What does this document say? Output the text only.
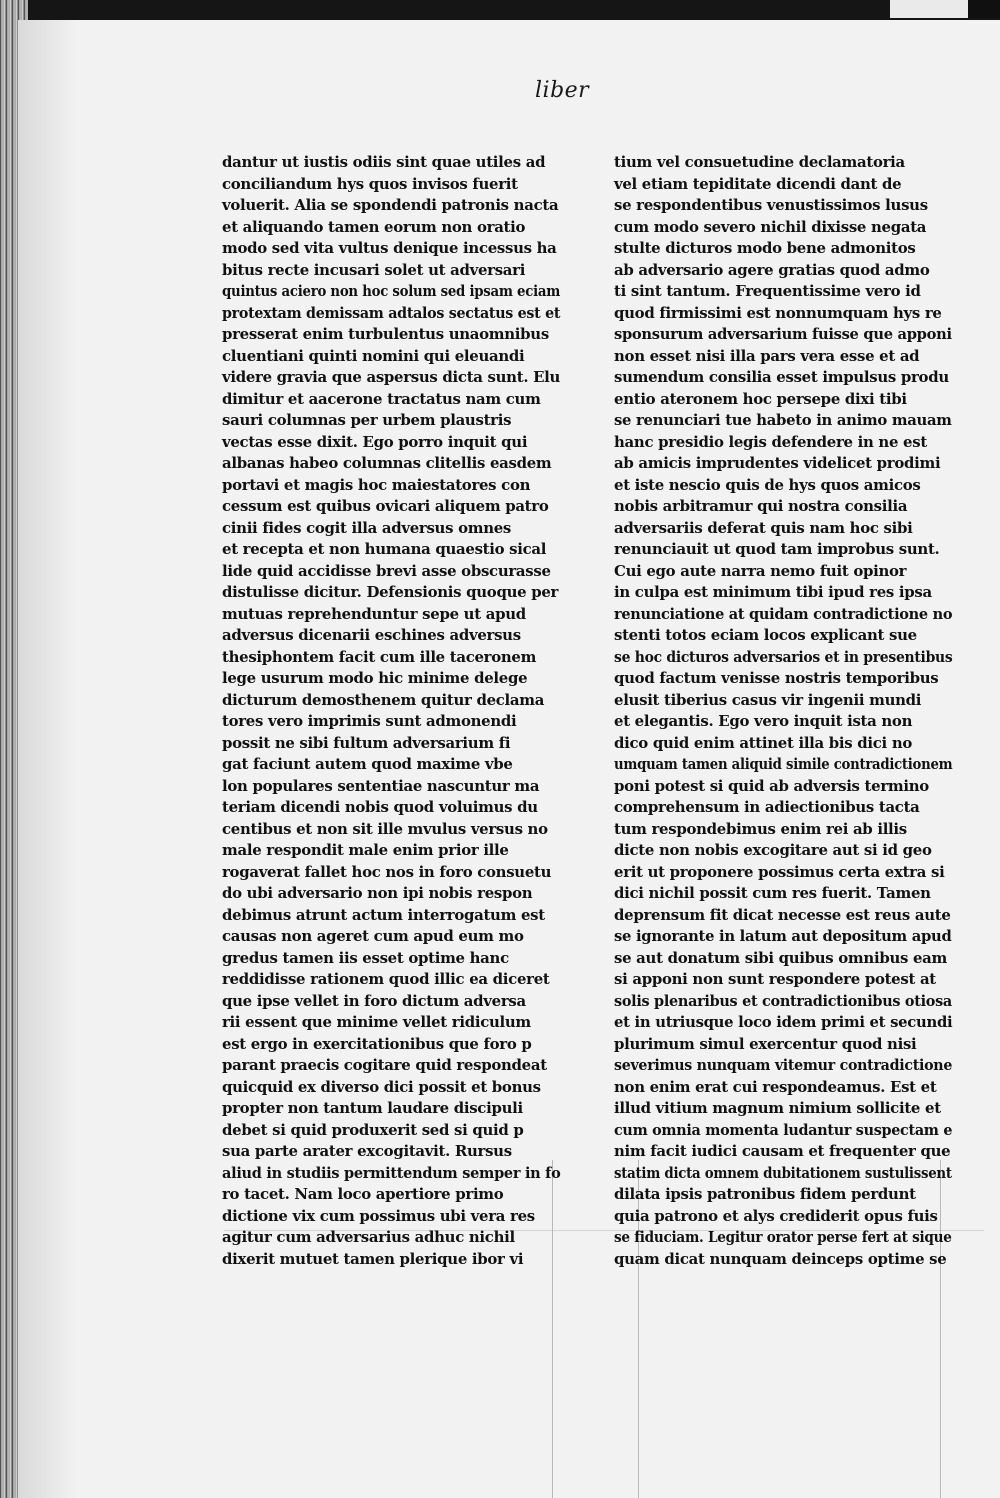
liber
dantur ut iustis odiis sint quae utiles ad
conciliandum hys quos invisos fuerit
voluerit. Alia se spondendi patronis nacta
et aliquando tamen eorum non oratio
modo sed vita vultus denique incessus ha
bitus recte incusari solet ut adversari
quintus aciero non hoc solum sed ipsam eciam
protextam demissam adtalos sectatus est et
presserat enim turbulentus unaomnibus
cluentiani quinti nomini qui eleuandi
videre gravia que aspersus dicta sunt. Elu
dimitur et aacerone tractatus nam cum
sauri columnas per urbem plaustris
vectas esse dixit. Ego porro inquit qui
albanas habeo columnas clitellis easdem
portavi et magis hoc maiestatores con
cessum est quibus ovicari aliquem patro
cinii fides cogit illa adversus omnes
et recepta et non humana quaestio sical
lide quid accidisse brevi asse obscurasse
distulisse dicitur. Defensionis quoque per
mutuas reprehenduntur sepe ut apud
adversus dicenarii eschines adversus
thesiphontem facit cum ille taceronem
lege usurum modo hic minime delege
dicturum demosthenem quitur declama
tores vero imprimis sunt admonendi
possit ne sibi fultum adversarium fi
gat faciunt autem quod maxime vbe
lon populares sententiae nascuntur ma
teriam dicendi nobis quod voluimus du
centibus et non sit ille mvulus versus no
male respondit male enim prior ille
rogaverat fallet hoc nos in foro consuetu
do ubi adversario non ipi nobis respon
debimus atrunt actum interrogatum est
causas non ageret cum apud eum mo
gredus tamen iis esset optime hanc
reddidisse rationem quod illic ea diceret
que ipse vellet in foro dictum adversa
rii essent que minime vellet ridiculum
est ergo in exercitationibus que foro p
parant praecis cogitare quid respondeat
quicquid ex diverso dici possit et bonus
propter non tantum laudare discipuli
debet si quid produxerit sed si quid p
sua parte arater excogitavit. Rursus
aliud in studiis permittendum semper in fo
ro tacet. Nam loco apertiore primo
dictione vix cum possimus ubi vera res
agitur cum adversarius adhuc nichil
dixerit mutuet tamen plerique ibor vi
tium vel consuetudine declamatoria
vel etiam tepiditate dicendi dant de
se respondentibus venustissimos lusus
cum modo severo nichil dixisse negata
stulte dicturos modo bene admonitos
ab adversario agere gratias quod admo
ti sint tantum. Frequentissime vero id
quod firmissimi est nonnumquam hys re
sponsurum adversarium fuisse que apponi
non esset nisi illa pars vera esse et ad
sumendum consilia esset impulsus produ
entio ateronem hoc persepe dixi tibi
se renunciari tue habeto in animo mauam
hanc presidio legis defendere in ne est
ab amicis imprudentes videlicet prodimi
et iste nescio quis de hys quos amicos
nobis arbitramur qui nostra consilia
adversariis deferat quis nam hoc sibi
renunciauit ut quod tam improbus sunt.
Cui ego aute narra nemo fuit opinor
in culpa est minimum tibi ipud res ipsa
renunciatione at quidam contradictione no
stenti totos eciam locos explicant sue
se hoc dicturos adversarios et in presentibus
quod factum venisse nostris temporibus
elusit tiberius casus vir ingenii mundi
et elegantis. Ego vero inquit ista non
dico quid enim attinet illa bis dici no
umquam tamen aliquid simile contradictionem
poni potest si quid ab adversis termino
comprehensum in adiectionibus tacta
tum respondebimus enim rei ab illis
dicte non nobis excogitare aut si id geo
erit ut proponere possimus certa extra si
dici nichil possit cum res fuerit. Tamen
deprensum fit dicat necesse est reus aute
se ignorante in latum aut depositum apud
se aut donatum sibi quibus omnibus eam
si apponi non sunt respondere potest at
solis plenaribus et contradictionibus otiosa
et in utriusque loco idem primi et secundi
plurimum simul exercentur quod nisi
severimus nunquam vitemur contradictione
non enim erat cui respondeamus. Est et
illud vitium magnum nimium sollicite et
cum omnia momenta ludantur suspectam e
nim facit iudici causam et frequenter que
statim dicta omnem dubitationem sustulissent
dilata ipsis patronibus fidem perdunt
quia patrono et alys crediderit opus fuis
se fiduciam. Legitur orator perse fert at sique
quam dicat nunquam deinceps optime se
